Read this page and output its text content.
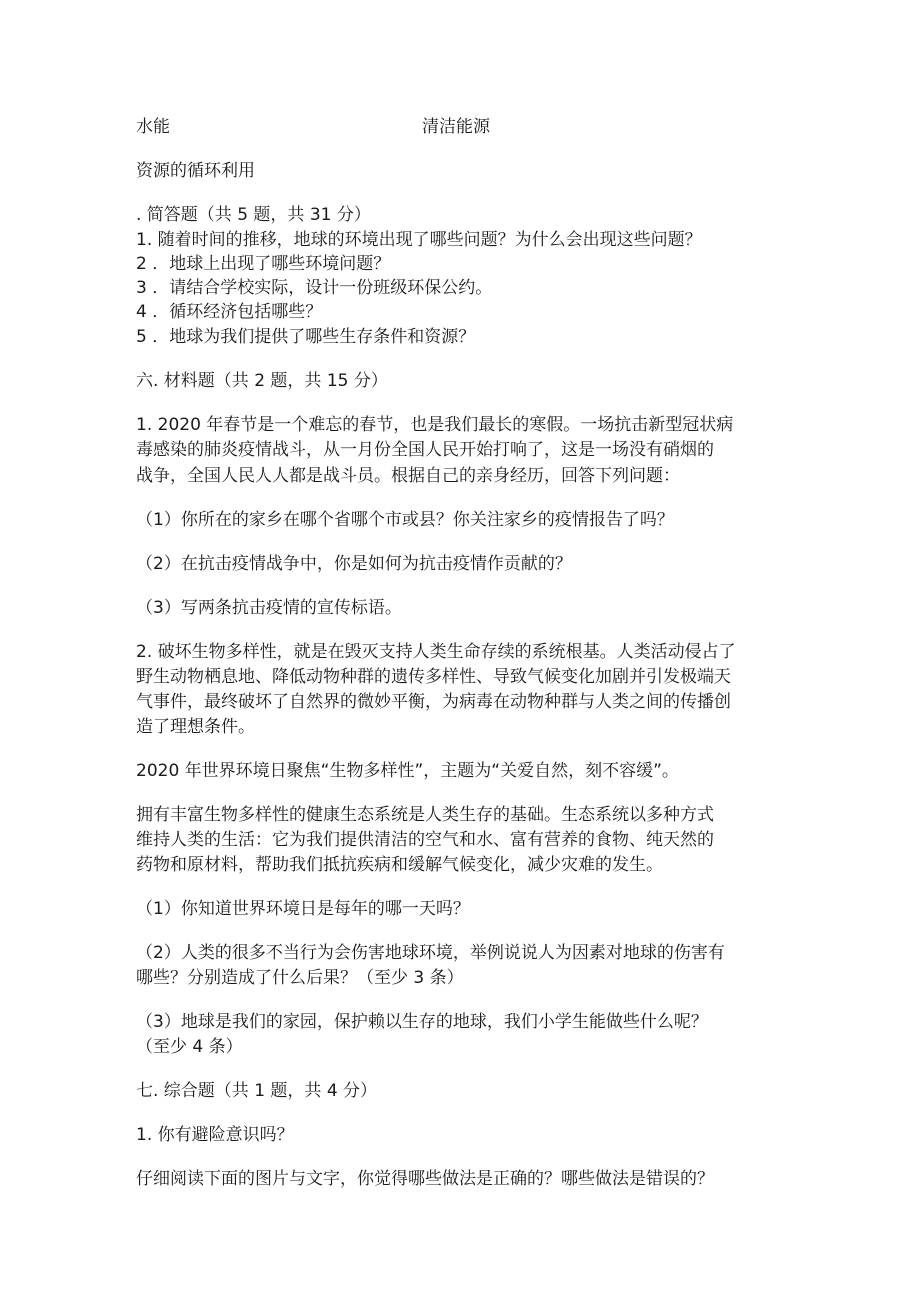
水能	清洁能源
资源的循环利用
. 简答题（共 5 题，共 31 分）
1. 随着时间的推移，地球的环境出现了哪些问题？为什么会出现这些问题？
2 ．地球上出现了哪些环境问题？
3 ．请结合学校实际，设计一份班级环保公约。
4 ．循环经济包括哪些？
5 ．地球为我们提供了哪些生存条件和资源？
六. 材料题（共 2 题，共 15 分）
1. 2020 年春节是一个难忘的春节，也是我们最长的寒假。一场抗击新型冠状病
毒感染的肺炎疫情战斗，从一月份全国人民开始打响了，这是一场没有硝烟的
战争，全国人民人人都是战斗员。根据自己的亲身经历，回答下列问题：
（1）你所在的家乡在哪个省哪个市或县？你关注家乡的疫情报告了吗？
（2）在抗击疫情战争中，你是如何为抗击疫情作贡献的？
（3）写两条抗击疫情的宣传标语。
2. 破坏生物多样性，就是在毁灭支持人类生命存续的系统根基。人类活动侵占了
野生动物栖息地、降低动物种群的遗传多样性、导致气候变化加剧并引发极端天
气事件，最终破坏了自然界的微妙平衡，为病毒在动物种群与人类之间的传播创
造了理想条件。
2020 年世界环境日聚焦“生物多样性”，主题为“关爱自然，刻不容缓”。
拥有丰富生物多样性的健康生态系统是人类生存的基础。生态系统以多种方式
维持人类的生活：它为我们提供清洁的空气和水、富有营养的食物、纯天然的
药物和原材料，帮助我们抵抗疾病和缓解气候变化，减少灾难的发生。
（1）你知道世界环境日是每年的哪一天吗？
（2）人类的很多不当行为会伤害地球环境，举例说说人为因素对地球的伤害有
哪些？分别造成了什么后果？（至少 3 条）
（3）地球是我们的家园，保护赖以生存的地球，我们小学生能做些什么呢？
（至少 4 条）
七. 综合题（共 1 题，共 4 分）
1. 你有避险意识吗？
仔细阅读下面的图片与文字，你觉得哪些做法是正确的？哪些做法是错误的？
